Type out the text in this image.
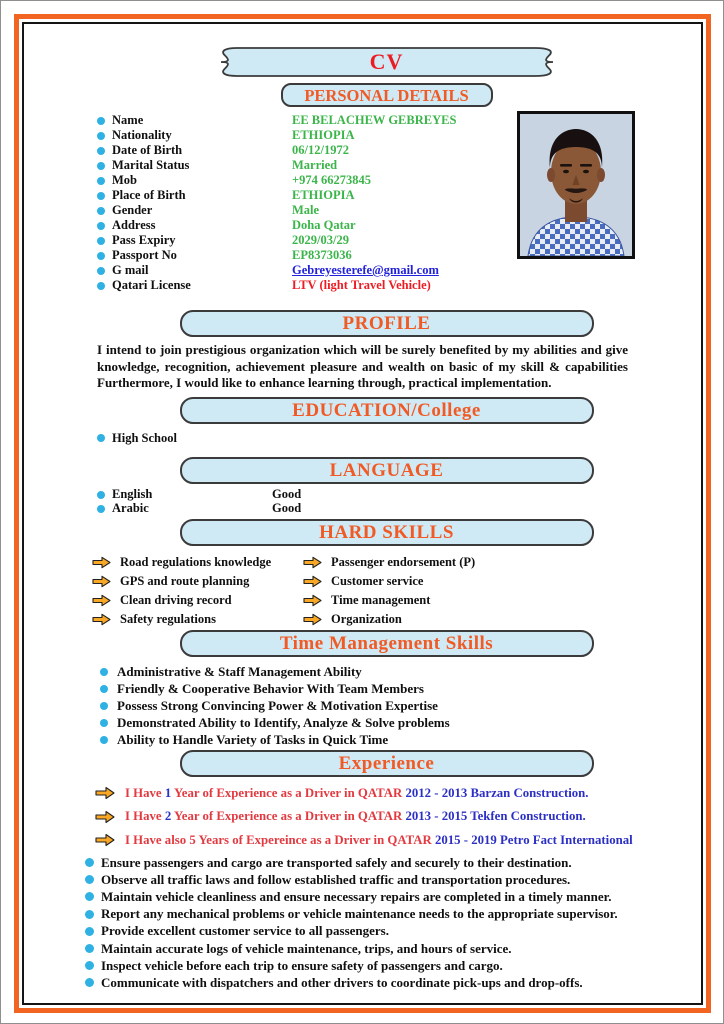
CV
PERSONAL DETAILS
Name	EE BELACHEW GEBREYES
Nationality	ETHIOPIA
Date of Birth	06/12/1972
Marital Status	Married
Mob	+974 66273845
Place of Birth	ETHIOPIA
Gender	Male
Address	Doha Qatar
Pass Expiry	2029/03/29
Passport No	EP8373036
G mail	Gebreyesterefe@gmail.com
Qatari License	LTV (light Travel Vehicle)
PROFILE
I intend to join prestigious organization which will be surely benefited by my abilities and give knowledge, recognition, achievement pleasure and wealth on basic of my skill & capabilities Furthermore, I would like to enhance learning through, practical implementation.
EDUCATION/College
High School
LANGUAGE
English	Good
Arabic	Good
HARD SKILLS
Road regulations knowledge	Passenger endorsement (P)
GPS and route planning	Customer service
Clean driving record	Time management
Safety regulations	Organization
Time Management Skills
Administrative & Staff Management Ability
Friendly & Cooperative Behavior With Team Members
Possess Strong Convincing Power & Motivation Expertise
Demonstrated Ability to Identify, Analyze & Solve problems
Ability to Handle Variety of Tasks in Quick Time
Experience
I Have 1 Year of Experience as a Driver in QATAR 2012 - 2013 Barzan Construction.
I Have 2 Year of Experience as a Driver in QATAR 2013 - 2015 Tekfen Construction.
I Have also 5 Years of Expereince as a Driver in QATAR 2015 - 2019 Petro Fact International
Ensure passengers and cargo are transported safely and securely to their destination.
Observe all traffic laws and follow established traffic and transportation procedures.
Maintain vehicle cleanliness and ensure necessary repairs are completed in a timely manner.
Report any mechanical problems or vehicle maintenance needs to the appropriate supervisor.
Provide excellent customer service to all passengers.
Maintain accurate logs of vehicle maintenance, trips, and hours of service.
Inspect vehicle before each trip to ensure safety of passengers and cargo.
Communicate with dispatchers and other drivers to coordinate pick-ups and drop-offs.
